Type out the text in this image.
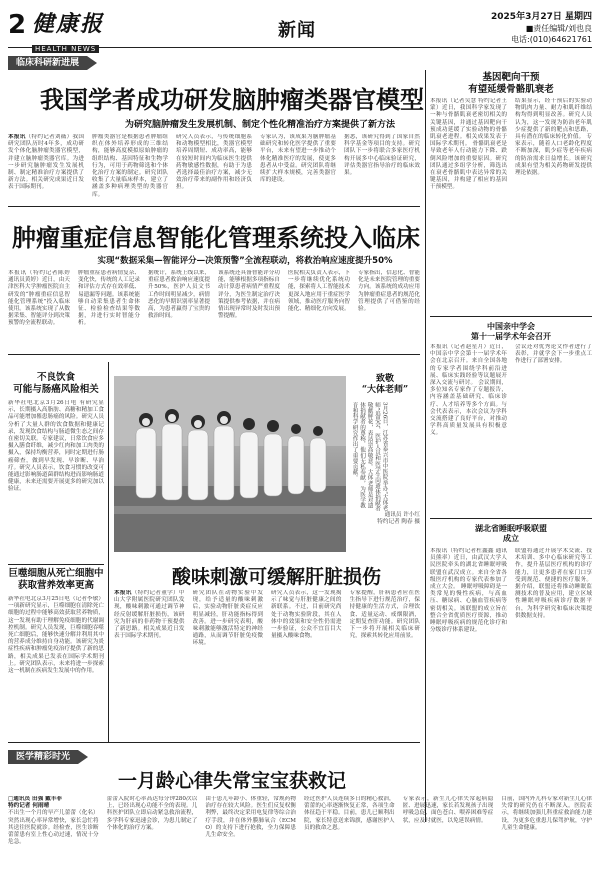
2 健康报
HEALTH NEWS
新闻
2025年3月27日 星期四
■责任编辑/刘也良
电话:(010)64621761
临床科研新进展
我国学者成功研发脑肿瘤类器官模型
为研究脑肿瘤发生发展机制、制定个性化精准治疗方案提供了新方法
本报讯（特约记者刘薇）我国研究团队历时4年多，成功研发个体化脑肿瘤类器官模型，并建立脑肿瘤类器官库。为进一步研究脑肿瘤发生发展机制、制定精准治疗方案提供了新方法。相关研究成果近日发表于国际期刊。
肿瘤类器官是根据患者肿瘤组织在体外培养形成的三维结构，能够高度模拟原始肿瘤的组织结构、基因特征和生物学行为，可用于药物筛选和个体化治疗方案的制定。研究团队收集了大量临床样本，建立了涵盖多种病理类型的类器官库。
研究人员表示，与传统细胞系和动物模型相比，类器官模型培养周期短、成功率高，能够在较短时间内为临床医生提供药物敏感性数据，有助于为患者选择最佳治疗方案，减少无效治疗带来的副作用和经济负担。
专家认为，该成果为脑肿瘤基础研究和转化医学提供了重要平台，未来有望进一步推动个体化精准医疗的发展，使更多患者从中受益。研究团队将继续扩大样本规模，完善类器官库的建设。
据悉，该研究得到了国家自然科学基金等项目的支持。研究团队下一步将联合多家医疗机构开展多中心临床验证研究，评估类器官指导治疗的临床效果。
肿瘤重症信息智能化管理系统投入临床
实现“数据采集—智能评分—决策预警”全流程联动，将救治响应速度提升50%
本报讯（特约记者陈婷 通讯员黄婷）近日，由天津医科大学肿瘤医院自主研发的“肿瘤重症信息智能化管理系统”投入临床使用。该系统实现了从数据采集、智能评分到决策预警的全流程联动。
肿瘤重症患者病情复杂、变化快，传统的人工记录和评估方式存在效率低、易遗漏等问题。该系统能够自动采集患者生命体征、检验检查结果等数据，并进行实时智能分析。
据统计，系统上线以来，重症患者救治响应速度提升50%，医护人员文书工作时间明显减少，病情恶化的早期识别率显著提高，为患者赢得了宝贵的救治时间。
该系统还具备智能评分功能，能够根据多项指标自动计算患者病情严重程度评分，为医生制定治疗决策提供参考依据，并在病情出现异常时及时发出预警提醒。
医院相关负责人表示，下一步将继续优化系统功能，探索将人工智能技术更深入地应用于重症医学领域，推动医疗服务向智能化、精细化方向发展。
专家指出，信息化、智能化是未来医院管理的重要方向。该系统的成功应用为肿瘤重症患者的规范化管理提供了可借鉴的经验。
不良饮食
可能与肠癌风险相关
新华社电北京3月26日电 有研究显示，长期摄入高脂肪、高糖和精加工食品可能增加罹患肠癌的风险。研究人员分析了大量人群的饮食数据和健康记录，发现饮食结构与肠道微生态之间存在密切关联。专家建议，日常饮食应多摄入膳食纤维，减少红肉和加工肉类的摄入，保持均衡营养，同时定期进行肠癌筛查，做到早发现、早诊断、早治疗。研究人员表示，饮食习惯的改变可能通过影响肠道菌群结构进而影响肠道健康，未来还需要开展更多的研究加以验证。
巨噬细胞从死亡细胞中
获取营养效率更高
新华社电北京3月25日电（记者李敏）一项新研究显示，巨噬细胞在清除死亡细胞的过程中能够高效获取营养物质，这一发现有助于理解免疫细胞的代谢调控机制。研究人员发现，巨噬细胞吞噬死亡细胞后，能够快速分解并利用其中的营养成分维持自身功能。该研究为炎症性疾病和肿瘤免疫治疗提供了新的思路，相关成果已发表在国际学术期刊上。研究团队表示，未来将进一步探索这一机制在疾病发生发展中的作用。
致敬
“大体老师”
3月26日，江苏省泰兴市中医院举办“大体老师”追思会，医护人员和医学生向遗体捐献者敬献鲜花，表达崇高敬意。大体老师是对遗体捐献者的尊称，他们无私奉献，为医学教育和科学研究作出了重要贡献。
通讯员 许小红
特约记者 陶春 摄
酸味刺激可缓解肝脏损伤
本报讯（特约记者董学）中山大学附属医院研究团队发现，酸味刺激可通过调节神经反射缓解肝脏损伤，该研究为肝病的非药物干预提供了新思路。相关成果近日发表于国际学术期刊。
研究团队在动物实验中发现，给予适量的酸味刺激后，实验动物肝脏炎症反应明显减轻，肝功能指标得到改善。进一步研究表明，酸味刺激能够激活特定的神经通路，从而调节肝脏免疫微环境。
研究人员表示，这一发现揭示了味觉与肝脏健康之间的新联系。不过，目前研究尚处于动物实验阶段，其在人体中的效果和安全性仍需进一步验证，公众不宜盲目大量摄入酸味食物。
专家提醒，肝病患者应在医生指导下进行规范治疗，保持健康的生活方式，合理饮食、适量运动、戒烟限酒，定期复查肝功能。研究团队下一步将开展相关临床研究，探索其转化应用前景。
基因靶向干预
有望延缓骨骼肌衰老
本报讯（记者吴慧 特约记者王蒙）近日，我国科学家发现了一种与骨骼肌衰老密切相关的关键基因，并通过基因靶向干预成功延缓了实验动物的骨骼肌衰老进程。相关成果发表于国际学术期刊。 骨骼肌衰老是导致老年人行动能力下降、跌倒风险增加的重要原因。研究团队通过多组学分析，筛选出在衰老骨骼肌中表达异常的关键基因，并构建了相应的基因干预模型。
结果显示，经干预后的实验动物肌肉力量、耐力和肌纤维结构均得到明显改善。研究人员认为，这一发现为防治老年肌少症提供了新的靶点和思路，具有潜在的临床转化价值。 专家表示，随着人口老龄化程度不断加深，肌少症等老年疾病的防治需求日益增长。该研究成果有望为相关药物研发提供理论依据。
中国亲中学会
第十一届学术年会召开
本报讯（记者赵星月）近日，中国亲中学会第十一届学术年会在北京召开。来自全国各地的专家学者围绕学科前沿进展、临床实践经验等议题展开深入交流与研讨。 会议期间，多位知名专家作了专题报告，内容涵盖基础研究、临床诊疗、人才培养等多个方面。与会代表表示，本次会议为学科交流搭建了良好平台，对推动学科高质量发展具有积极意义。
会议还对优秀论文作者进行了表彰，并就学会下一步重点工作进行了部署安排。
湖北省睡眠呼吸联盟
成立
本报讯（特约记者杜鑫鑫 通讯员熊率）近日，由武汉大学人民医院牵头的湖北省睡眠呼吸联盟在武汉成立。来自全省各级医疗机构的专家代表参加了成立大会。 睡眠呼吸障碍是一类常见的慢性疾病，与高血压、糖尿病、心脑血管疾病等密切相关。该联盟的成立旨在整合全省优质医疗资源，推动睡眠呼吸疾病的规范化诊疗和分级诊疗体系建设。
联盟将通过开展学术交流、技术培训、多中心临床研究等工作，提升基层医疗机构的诊疗能力，让更多患者在家门口享受到规范、便捷的医疗服务。 据介绍，联盟还将推动睡眠监测技术的普及应用，建立区域性睡眠呼吸疾病诊疗数据平台，为科学研究和临床决策提供数据支持。
医学精彩时光
一月龄心律失常宝宝获救记
□通讯员 田强 戴丰菲
特约记者 何雨晴
不出生一个月的早产儿蕾蕾（化名）突然出现心率异常增快，家长急忙将其送往医院就诊。经检查，医生诊断蕾蕾患有室上性心动过速，情况十分危急。
蕾蕾入院时心率高达每分钟280次以上，已经出现心功能不全的表现。儿科医护团队立即启动紧急救治流程，多学科专家迅速会诊，为患儿制定了个体化的治疗方案。
由于患儿年龄小、体重轻，常规药物治疗存在较大风险。医生们反复权衡利弊，最终决定采用电复律等综合治疗手段，并在体外膜肺氧合（ECMO）的支持下进行抢救，全力保障患儿生命安全。
经过医护人员连续多日的精心救治，蕾蕾的心率逐渐恢复正常，各项生命体征趋于平稳。目前，患儿已顺利出院，家长特意送来锦旗，感谢医护人员的救命之恩。
专家表示，新生儿心律失常起病隐匿、进展迅速，家长若发现孩子出现呼吸急促、面色苍白、喂养困难等症状，应及时就医，以免延误病情。
目前，国内外儿科专家对新生儿心律失常的研究仍在不断深入。医院表示，将继续加强儿科重症救治能力建设，为更多危重患儿保驾护航，守护儿童生命健康。
